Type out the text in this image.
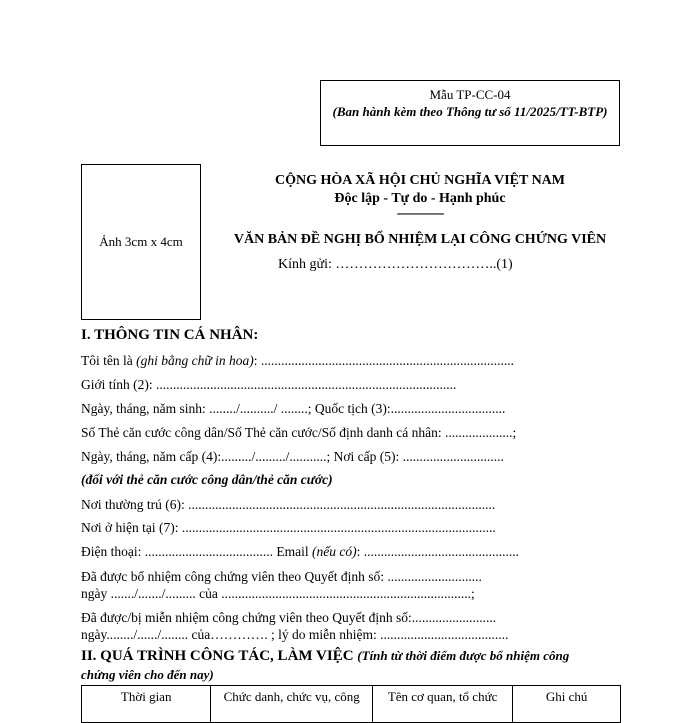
Mẫu TP-CC-04
(Ban hành kèm theo Thông tư số 11/2025/TT-BTP)
Ảnh 3cm x 4cm
CỘNG HÒA XÃ HỘI CHỦ NGHĨA VIỆT NAM
Độc lập - Tự do - Hạnh phúc
--------------
VĂN BẢN ĐỀ NGHỊ BỔ NHIỆM LẠI CÔNG CHỨNG VIÊN
Kính gửi: ……………………………..(1)
I. THÔNG TIN CÁ NHÂN:
Tôi tên là (ghi bằng chữ in hoa): ...........................................................................
Giới tính (2): .........................................................................................
Ngày, tháng, năm sinh: ......../........../ ........; Quốc tịch (3):..................................
Số Thẻ căn cước công dân/Số Thẻ căn cước/Số định danh cá nhân: ....................;
Ngày, tháng, năm cấp (4):........./........./...........; Nơi cấp (5): ..............................
(đối với thẻ căn cước công dân/thẻ căn cước)
Nơi thường trú (6): ...........................................................................................
Nơi ở hiện tại (7): .............................................................................................
Điện thoại: ...................................... Email (nếu có): ..............................................
Đã được bổ nhiệm công chứng viên theo Quyết định số: ............................
ngày ......./......./......... của ..........................................................................;
Đã được/bị miễn nhiệm công chứng viên theo Quyết định số:.........................
ngày......../....../........ của…………. ; lý do miễn nhiệm: ......................................
II. QUÁ TRÌNH CÔNG TÁC, LÀM VIỆC (Tính từ thời điểm được bổ nhiệm công
chứng viên cho đến nay)
Thời gian	Chức danh, chức vụ, công	Tên cơ quan, tổ chức	Ghi chú
